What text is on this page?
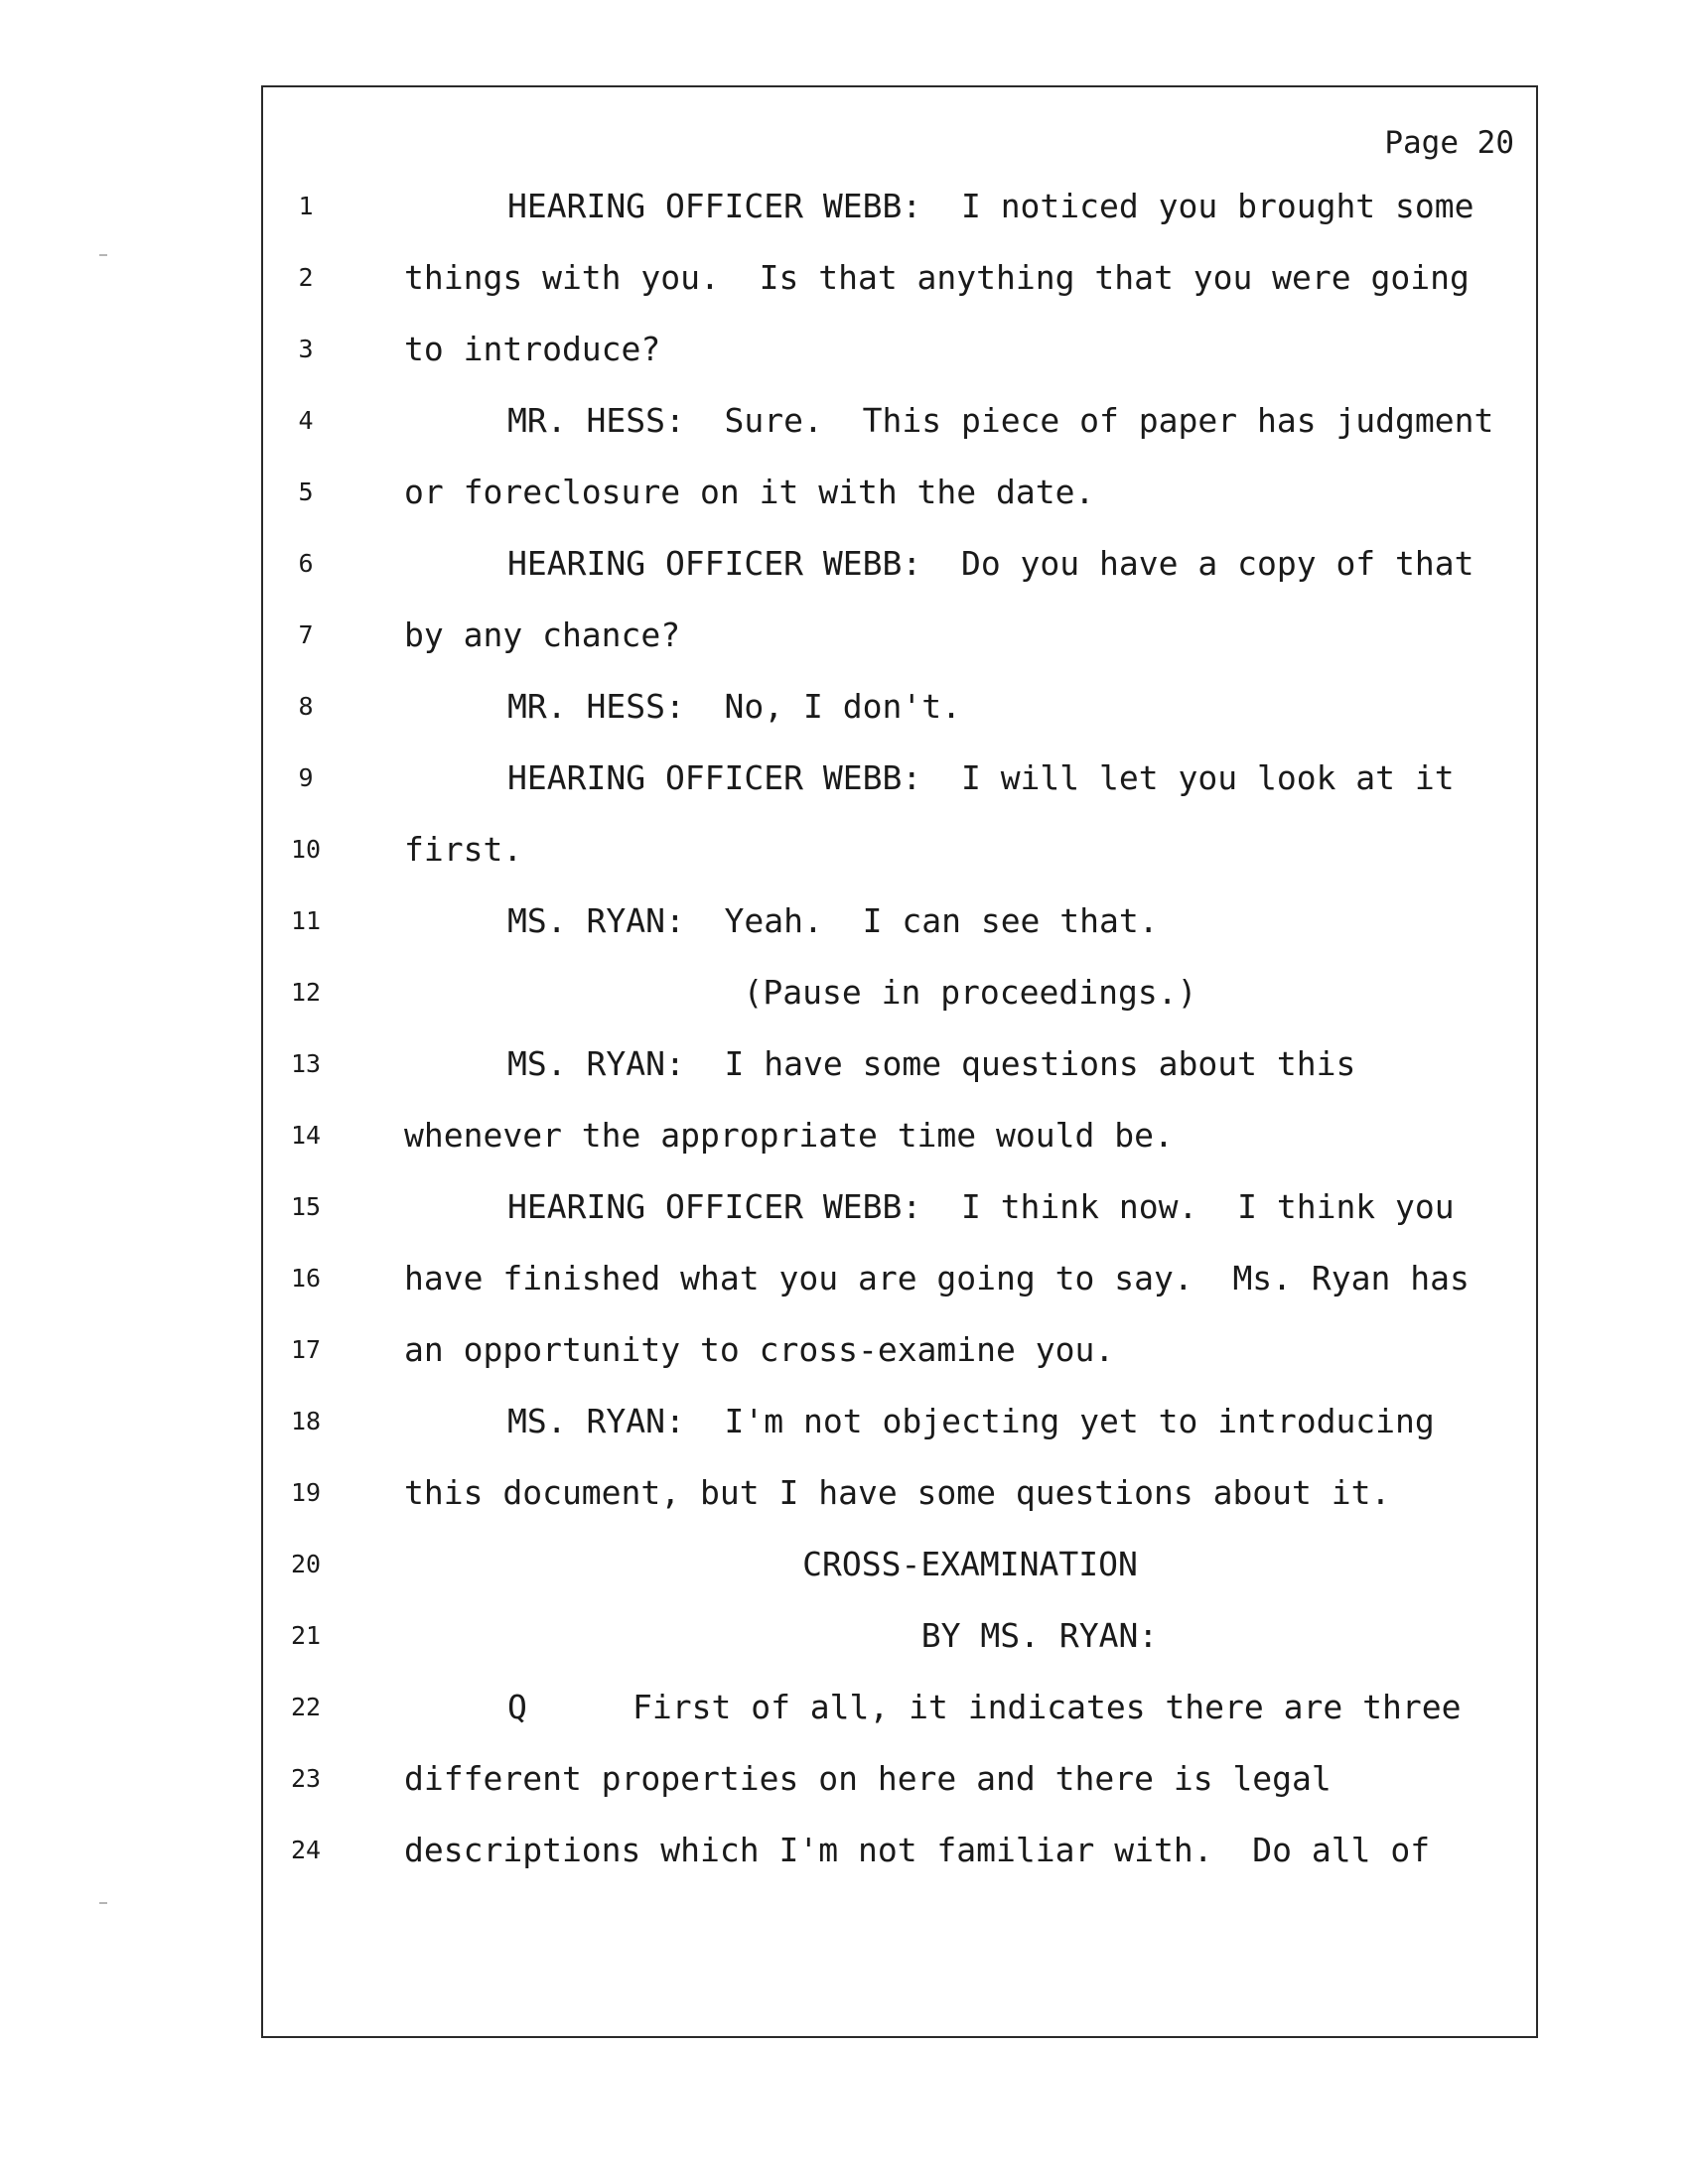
Page 20
1	HEARING OFFICER WEBB:  I noticed you brought some
2	things with you.  Is that anything that you were going
3	to introduce?
4	MR. HESS:  Sure.  This piece of paper has judgment
5	or foreclosure on it with the date.
6	HEARING OFFICER WEBB:  Do you have a copy of that
7	by any chance?
8	MR. HESS:  No, I don't.
9	HEARING OFFICER WEBB:  I will let you look at it
10	first.
11	MS. RYAN:  Yeah.  I can see that.
12	(Pause in proceedings.)
13	MS. RYAN:  I have some questions about this
14	whenever the appropriate time would be.
15	HEARING OFFICER WEBB:  I think now.  I think you
16	have finished what you are going to say.  Ms. Ryan has
17	an opportunity to cross-examine you.
18	MS. RYAN:  I'm not objecting yet to introducing
19	this document, but I have some questions about it.
20	CROSS-EXAMINATION
21	BY MS. RYAN:
22	Q	First of all, it indicates there are three
23	different properties on here and there is legal
24	descriptions which I'm not familiar with.  Do all of
